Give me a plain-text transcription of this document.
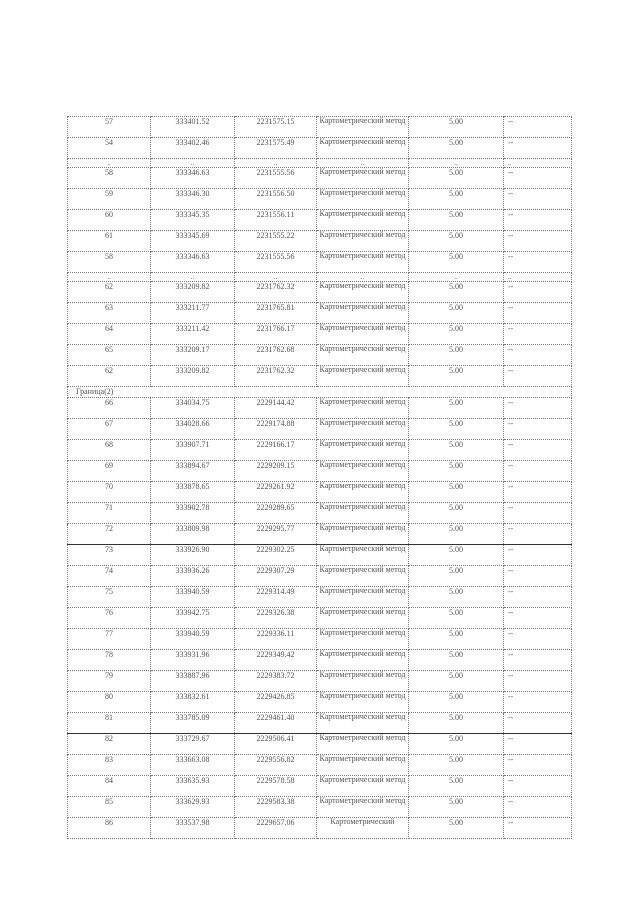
57	333401.52	2231575.15	Картометрический метод	5.00	--
54	333402.46	2231575.49	Картометрический метод	5.00	--
..	..	..	..	..	..
58	333346.63	2231555.56	Картометрический метод	5.00	--
59	333346.30	2231556.50	Картометрический метод	5.00	--
60	333345.35	2231556.11	Картометрический метод	5.00	--
61	333345.69	2231555.22	Картометрический метод	5.00	--
58	333346.63	2231555.56	Картометрический метод	5.00	--
..	..	..	..	..	..
62	333209.82	2231762.32	Картометрический метод	5.00	--
63	333211.77	2231765.81	Картометрический метод	5.00	--
64	333211.42	2231766.17	Картометрический метод	5.00	--
65	333209.17	2231762.68	Картометрический метод	5.00	--
62	333209.82	2231762.32	Картометрический метод	5.00	--
Граница(2)					
66	334034.75	2229144.42	Картометрический метод	5.00	--
67	334028.66	2229174.88	Картометрический метод	5.00	--
68	333907.71	2229166.17	Картометрический метод	5.00	--
69	333894.67	2229209.15	Картометрический метод	5.00	--
70	333878.65	2229261.92	Картометрический метод	5.00	--
71	333902.78	2229289.65	Картометрический метод	5.00	--
72	333809.98	2229295.77	Картометрический метод	5.00	--
73	333926.90	2229302.25	Картометрический метод	5.00	--
74	333936.26	2229307.29	Картометрический метод	5.00	--
75	333940.59	2229314.49	Картометрический метод	5.00	--
76	333942.75	2229326.38	Картометрический метод	5.00	--
77	333940.59	2229336.11	Картометрический метод	5.00	--
78	333931.96	2229349.42	Картометрический метод	5.00	--
79	333887.96	2229383.72	Картометрический метод	5.00	--
80	333832.61	2229426.85	Картометрический метод	5.00	--
81	333785.09	2229461.40	Картометрический метод	5.00	--
82	333729.67	2229506.41	Картометрический метод	5.00	--
83	333663.08	2229556.82	Картометрический метод	5.00	--
84	333635.93	2229578.58	Картометрический метод	5.00	--
85	333629.93	2229583.38	Картометрический метод	5.00	--
86	333537.98	2229657.06	Картометрический	5.00	--
